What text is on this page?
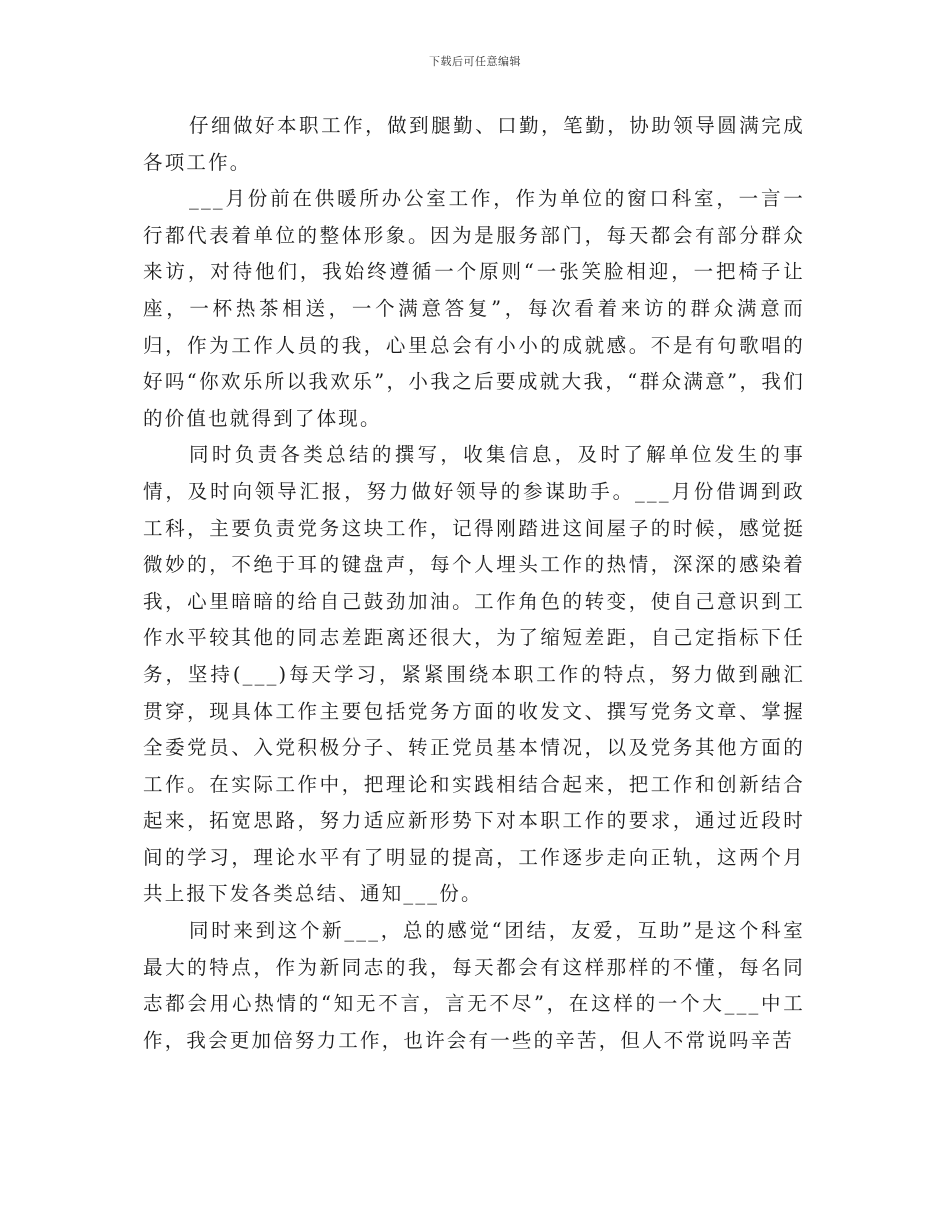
下载后可任意编辑

仔细做好本职工作，做到腿勤、口勤，笔勤，协助领导圆满完成各项工作。

___月份前在供暖所办公室工作，作为单位的窗口科室，一言一行都代表着单位的整体形象。因为是服务部门，每天都会有部分群众来访，对待他们，我始终遵循一个原则“一张笑脸相迎，一把椅子让座，一杯热茶相送，一个满意答复”，每次看着来访的群众满意而归，作为工作人员的我，心里总会有小小的成就感。不是有句歌唱的好吗“你欢乐所以我欢乐”，小我之后要成就大我，“群众满意”，我们的价值也就得到了体现。

同时负责各类总结的撰写，收集信息，及时了解单位发生的事情，及时向领导汇报，努力做好领导的参谋助手。___月份借调到政工科，主要负责党务这块工作，记得刚踏进这间屋子的时候，感觉挺微妙的，不绝于耳的键盘声，每个人埋头工作的热情，深深的感染着我，心里暗暗的给自己鼓劲加油。工作角色的转变，使自己意识到工作水平较其他的同志差距离还很大，为了缩短差距，自己定指标下任务，坚持(___)每天学习，紧紧围绕本职工作的特点，努力做到融汇贯穿，现具体工作主要包括党务方面的收发文、撰写党务文章、掌握全委党员、入党积极分子、转正党员基本情况，以及党务其他方面的工作。在实际工作中，把理论和实践相结合起来，把工作和创新结合起来，拓宽思路，努力适应新形势下对本职工作的要求，通过近段时间的学习，理论水平有了明显的提高，工作逐步走向正轨，这两个月共上报下发各类总结、通知___份。

同时来到这个新___，总的感觉“团结，友爱，互助”是这个科室最大的特点，作为新同志的我，每天都会有这样那样的不懂，每名同志都会用心热情的“知无不言，言无不尽”，在这样的一个大___中工作，我会更加倍努力工作，也许会有一些的辛苦，但人不常说吗辛苦
